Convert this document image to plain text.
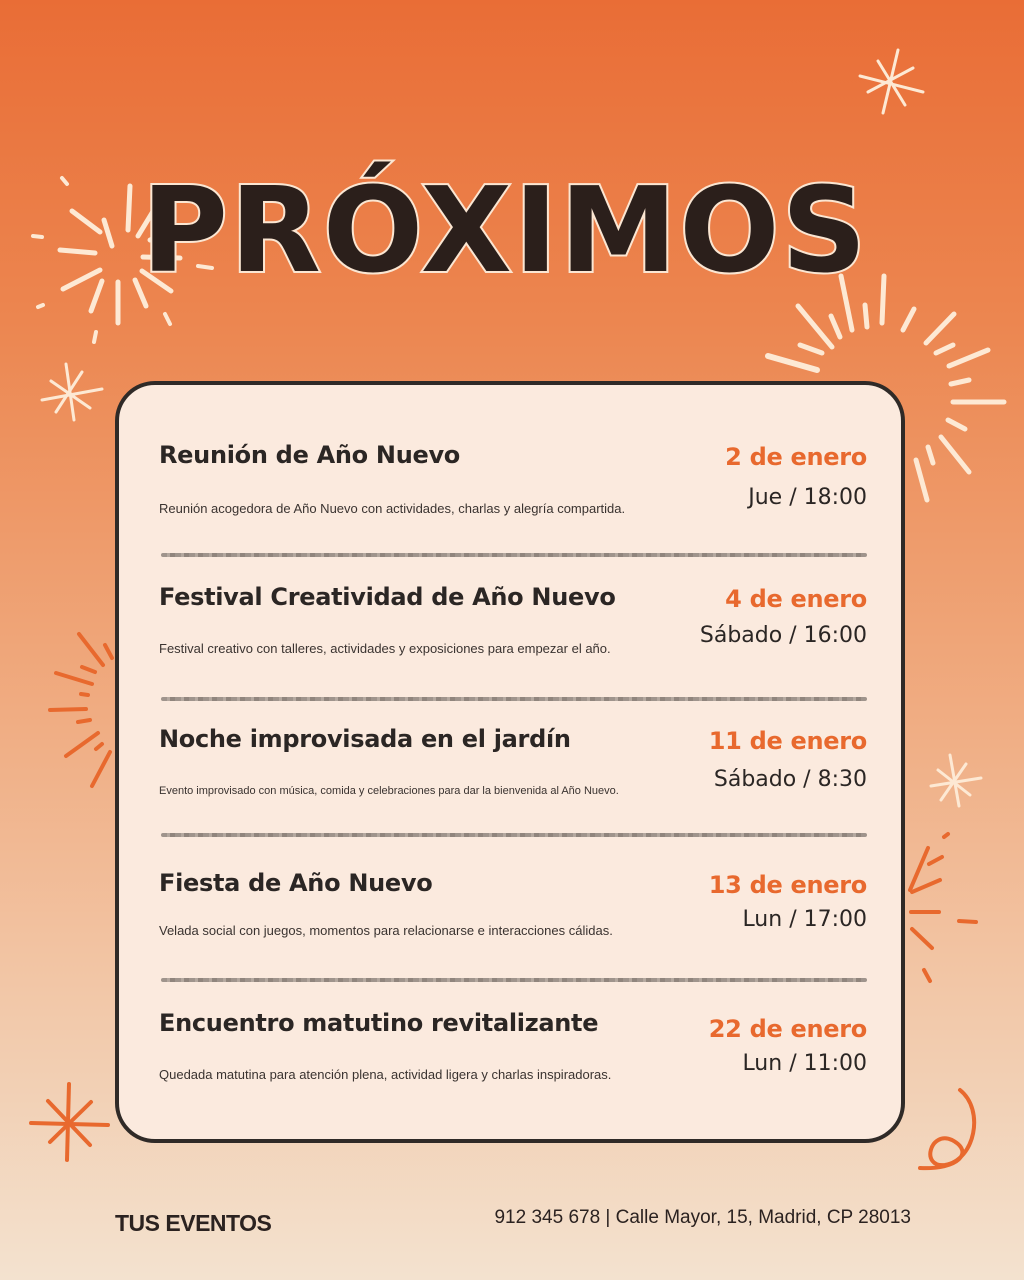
PRÓXIMOS
Reunión de Año Nuevo
Reunión acogedora de Año Nuevo con actividades, charlas y alegría compartida.
2 de enero
Jue / 18:00
Festival Creatividad de Año Nuevo
Festival creativo con talleres, actividades y exposiciones para empezar el año.
4 de enero
Sábado / 16:00
Noche improvisada en el jardín
Evento improvisado con música, comida y celebraciones para dar la bienvenida al Año Nuevo.
11 de enero
Sábado / 8:30
Fiesta de Año Nuevo
Velada social con juegos, momentos para relacionarse e interacciones cálidas.
13 de enero
Lun / 17:00
Encuentro matutino revitalizante
Quedada matutina para atención plena, actividad ligera y charlas inspiradoras.
22 de enero
Lun / 11:00
TUS EVENTOS	912 345 678 | Calle Mayor, 15, Madrid, CP 28013
